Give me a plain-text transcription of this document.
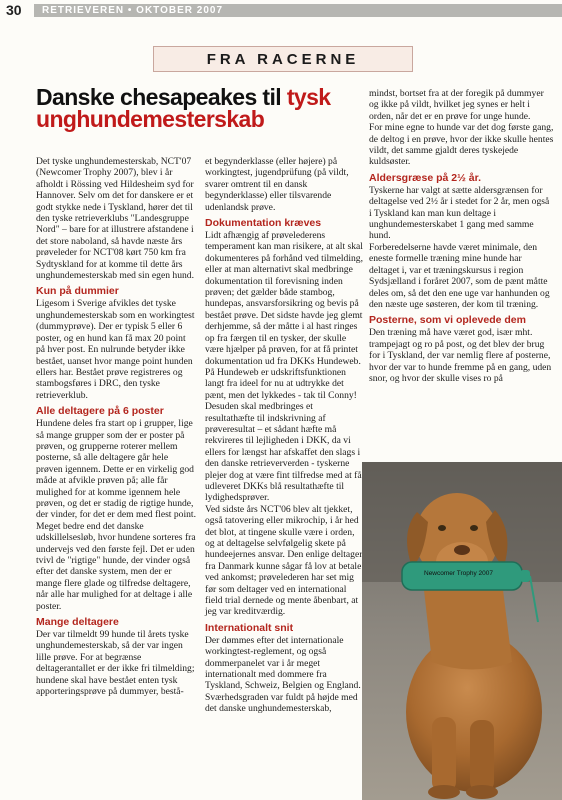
30 RETRIEVEREN • OKTOBER 2007
FRA RACERNE
Danske chesapeakes til tysk
unghundemesterskab

Det tyske unghundemesterskab, NCT'07 (Newcomer Trophy 2007), blev i år afholdt i Rössing ved Hildesheim syd for Hannover. Selv om det for danskere er et godt stykke nede i Tyskland, hører det til den tyske retrieverklubs "Landesgruppe Nord" – bare for at illustrere afstandene i det store naboland, så havde næste års prøveleder for NCT'08 kørt 750 km fra Sydtyskland for at komme til dette års unghundemesterskab med sin egen hund.

Kun på dummier

Ligesom i Sverige afvikles det tyske unghundemesterskab som en workingtest (dummyprøve). Der er typisk 5 eller 6 poster, og en hund kan få max 20 point på hver post. En nulrunde betyder ikke bestået, uanset hvor mange point hunden ellers har. Bestået prøve registreres og stambogsføres i DRC, den tyske retrieverklub.

Alle deltagere på 6 poster

Hundene deles fra start op i grupper, lige så mange grupper som der er poster på prøven, og grupperne roterer mellem posterne, så alle deltagere går hele prøven igennem. Dette er en virkelig god måde at afvikle prøven på; alle får mulighed for at komme igennem hele prøven, og det er stadig de rigtige hunde, der vinder, for det er dem med flest point.

Meget bedre end det danske udskillelsesløb, hvor hundene sorteres fra undervejs ved den første fejl. Det er uden tvivl de "rigtige" hunde, der vinder også efter det danske system, men der er mange flere glade og tilfredse deltagere, når alle har mulighed for at deltage i alle poster.

Mange deltagere

Der var tilmeldt 99 hunde til årets tyske unghundemesterskab, så der var ingen lille prøve. For at begrænse deltagerantallet er der ikke fri tilmelding; hundene skal have bestået enten tysk apporteringsprøve på dummyer, bestå-

et begynderklasse (eller højere) på workingtest, jugendprüfung (på vildt, svarer omtrent til en dansk begynderklasse) eller tilsvarende udenlandsk prøve.

Dokumentation kræves

Lidt afhængig af prøvelederens temperament kan man risikere, at alt skal dokumenteres på forhånd ved tilmelding, eller at man alternativt skal medbringe dokumentation til forevisning inden prøven; det gælder både stambog, hundepas, ansvarsforsikring og bevis på bestået prøve. Det sidste havde jeg glemt derhjemme, så der måtte i al hast ringes op fra færgen til en tysker, der skulle være hjælper på prøven, for at få printet dokumentation ud fra DKKs Hundeweb. På Hundeweb er udskriftsfunktionen langt fra ideel for nu at udtrykke det pænt, men det lykkedes - tak til Conny!

Desuden skal medbringes et resultathæfte til indskrivning af prøveresultat – et sådant hæfte må rekvireres til lejligheden i DKK, da vi ellers for længst har afskaffet den slags i den danske retrieververden - tyskerne plejer dog at være fint tilfredse med at få udleveret DKKs blå resultathæfte til lydighedsprøver.

Ved sidste års NCT'06 blev alt tjekket, også tatovering eller mikrochip, i år hed det blot, at tingene skulle være i orden, og at deltagelse selvfølgelig skete på hundeejernes ansvar. Den enlige deltager fra Danmark kunne sågar få lov at betale ved ankomst; prøvelederen har set mig før som deltager ved en international field trial dernede og mente åbenbart, at jeg var kreditværdig.

Internationalt snit

Der dømmes efter det internationale workingtest-reglement, og også dommerpanelet var i år meget internationalt med dommere fra Tyskland, Schweiz, Belgien og England. Sværhedsgraden var fuldt på højde med det danske unghundemesterskab,

mindst, bortset fra at der foregik på dummyer og ikke på vildt, hvilket jeg synes er helt i orden, når det er en prøve for unge hunde.

For mine egne to hunde var det dog første gang, de deltog i en prøve, hvor der ikke skulle hentes vildt, det samme gjaldt deres tyskejede kuldsøster.

Aldersgræse på 2½ år.

Tyskerne har valgt at sætte aldersgrænsen for deltagelse ved 2½ år i stedet for 2 år, men også i Tyskland kan man kun deltage i unghundemesterskabet 1 gang med samme hund.

Forberedelserne havde været minimale, den eneste formelle træning mine hunde har deltaget i, var et træningskursus i region Sydsjælland i foråret 2007, som de pænt måtte deles om, så det den ene uge var hanhunden og den næste uge søsteren, der kom til træning.

Posterne, som vi oplevede dem

Den træning må have været god, især mht. trampejagt og ro på post, og det blev der brug for i Tyskland, der var nemlig flere af posterne, hvor der var to hunde fremme på en gang, uden snor, og hvor der skulle vises ro på

Newcomer Trophy 2007
